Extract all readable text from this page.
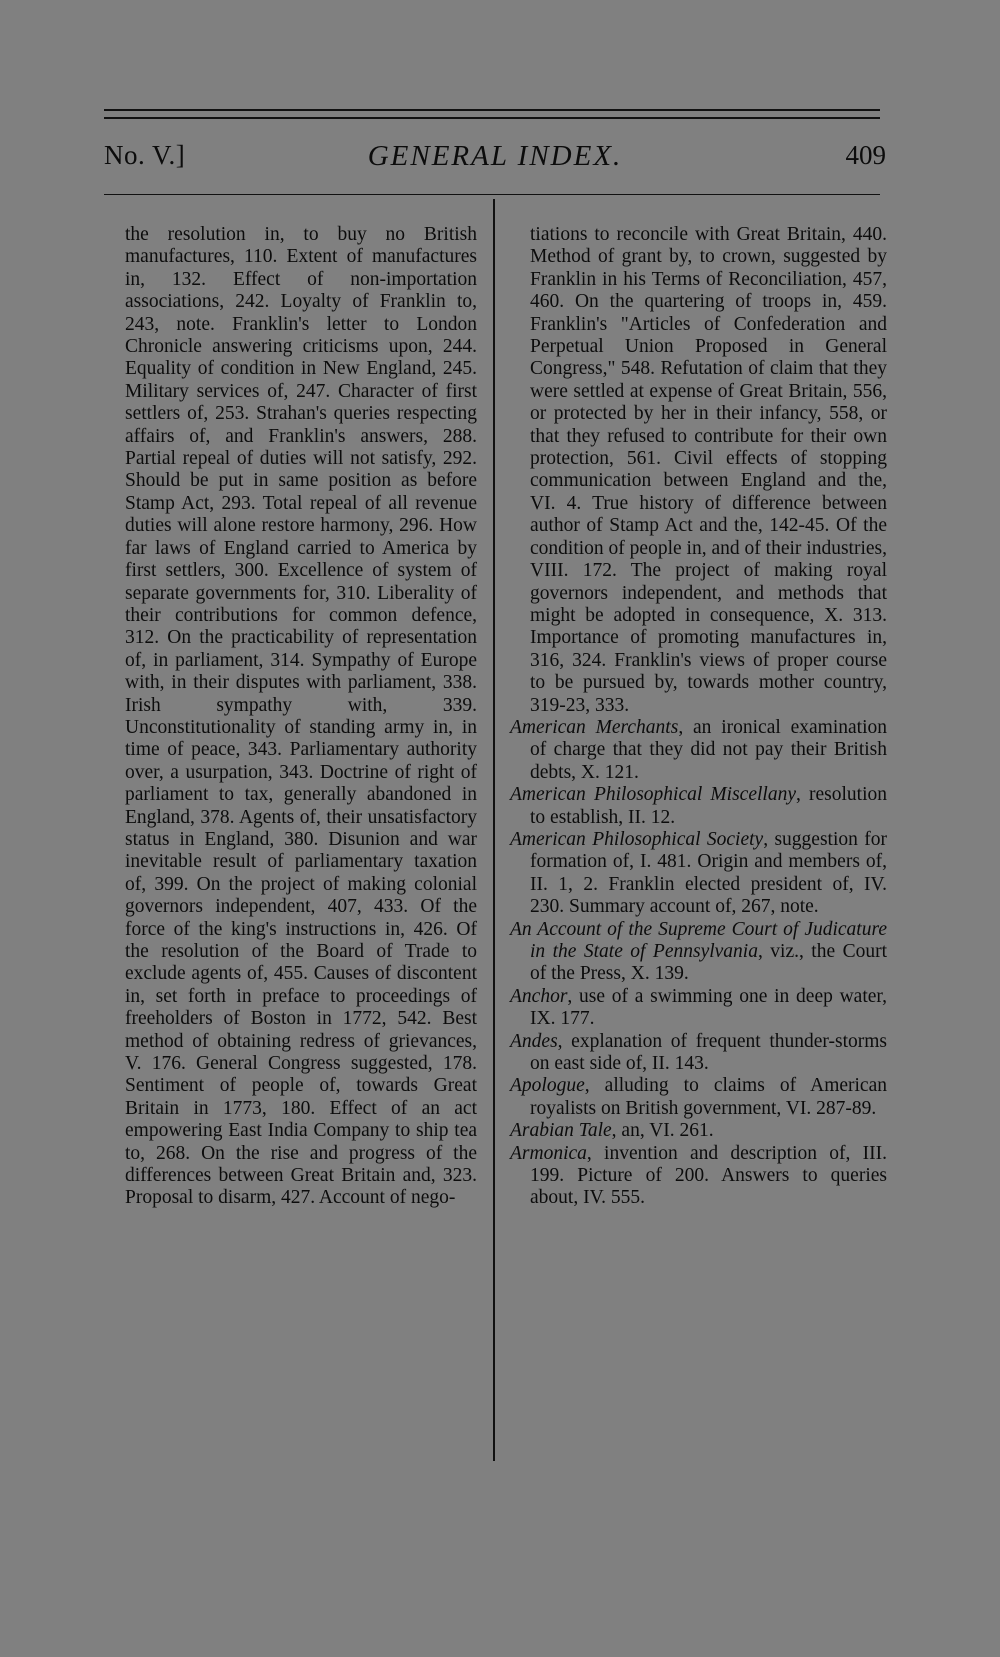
No. V.]	GENERAL INDEX.	409

the resolution in, to buy no British manufactures, 110. Extent of manufactures in, 132. Effect of non-importation associations, 242. Loyalty of Franklin to, 243, note. Franklin's letter to London Chronicle answering criticisms upon, 244. Equality of condition in New England, 245. Military services of, 247. Character of first settlers of, 253. Strahan's queries respecting affairs of, and Franklin's answers, 288. Partial repeal of duties will not satisfy, 292. Should be put in same position as before Stamp Act, 293. Total repeal of all revenue duties will alone restore harmony, 296. How far laws of England carried to America by first settlers, 300. Excellence of system of separate governments for, 310. Liberality of their contributions for common defence, 312. On the practicability of representation of, in parliament, 314. Sympathy of Europe with, in their disputes with parliament, 338. Irish sympathy with, 339. Unconstitutionality of standing army in, in time of peace, 343. Parliamentary authority over, a usurpation, 343. Doctrine of right of parliament to tax, generally abandoned in England, 378. Agents of, their unsatisfactory status in England, 380. Disunion and war inevitable result of parliamentary taxation of, 399. On the project of making colonial governors independent, 407, 433. Of the force of the king's instructions in, 426. Of the resolution of the Board of Trade to exclude agents of, 455. Causes of discontent in, set forth in preface to proceedings of freeholders of Boston in 1772, 542. Best method of obtaining redress of grievances, V. 176. General Congress suggested, 178. Sentiment of people of, towards Great Britain in 1773, 180. Effect of an act empowering East India Company to ship tea to, 268. On the rise and progress of the differences between Great Britain and, 323. Proposal to disarm, 427. Account of nego-

tiations to reconcile with Great Britain, 440. Method of grant by, to crown, suggested by Franklin in his Terms of Reconciliation, 457, 460. On the quartering of troops in, 459. Franklin's "Articles of Confederation and Perpetual Union Proposed in General Congress," 548. Refutation of claim that they were settled at expense of Great Britain, 556, or protected by her in their infancy, 558, or that they refused to contribute for their own protection, 561. Civil effects of stopping communication between England and the, VI. 4. True history of difference between author of Stamp Act and the, 142-45. Of the condition of people in, and of their industries, VIII. 172. The project of making royal governors independent, and methods that might be adopted in consequence, X. 313. Importance of promoting manufactures in, 316, 324. Franklin's views of proper course to be pursued by, towards mother country, 319-23, 333.

American Merchants, an ironical examination of charge that they did not pay their British debts, X. 121.

American Philosophical Miscellany, resolution to establish, II. 12.

American Philosophical Society, suggestion for formation of, I. 481. Origin and members of, II. 1, 2. Franklin elected president of, IV. 230. Summary account of, 267, note.

An Account of the Supreme Court of Judicature in the State of Pennsylvania, viz., the Court of the Press, X. 139.

Anchor, use of a swimming one in deep water, IX. 177.

Andes, explanation of frequent thunder-storms on east side of, II. 143.

Apologue, alluding to claims of American royalists on British government, VI. 287-89.

Arabian Tale, an, VI. 261.

Armonica, invention and description of, III. 199. Picture of 200. Answers to queries about, IV. 555.
